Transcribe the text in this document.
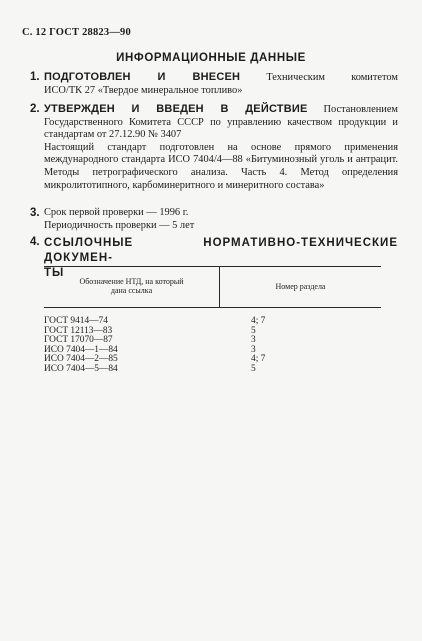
С. 12 ГОСТ 28823—90
ИНФОРМАЦИОННЫЕ ДАННЫЕ
1. ПОДГОТОВЛЕН И ВНЕСЕН	Техническим комитетом

ИСО/ТК 27 «Твердое минеральное топливо»

2. УТВЕРЖДЕН И ВВЕДЕН В ДЕЙСТВИЕ Постановлением

Государственного Комитета СССР по управлению качеством продукции и стандартам от 27.12.90 № 3407

Настоящий стандарт подготовлен на основе прямого применения международного стандарта ИСО 7404/4—88 «Битуминозный уголь и антрацит. Методы петрографического анализа. Часть 4. Метод определения микролитотипного, карбоминеритного и минеритного состава»

3. Срок первой проверки — 1996 г.

Периодичность проверки — 5 лет

4. ССЫЛОЧНЫЕ НОРМАТИВНО-ТЕХНИЧЕСКИЕ ДОКУМЕН-

ТЫ

Обозначение НТД, на который
дана ссылка	Номер раздела
ГОСТ 9414—74	4; 7
ГОСТ 12113—83	5
ГОСТ 17070—87	3
ИСО 7404—1—84	3
ИСО 7404—2—85	4; 7
ИСО 7404—5—84	5
